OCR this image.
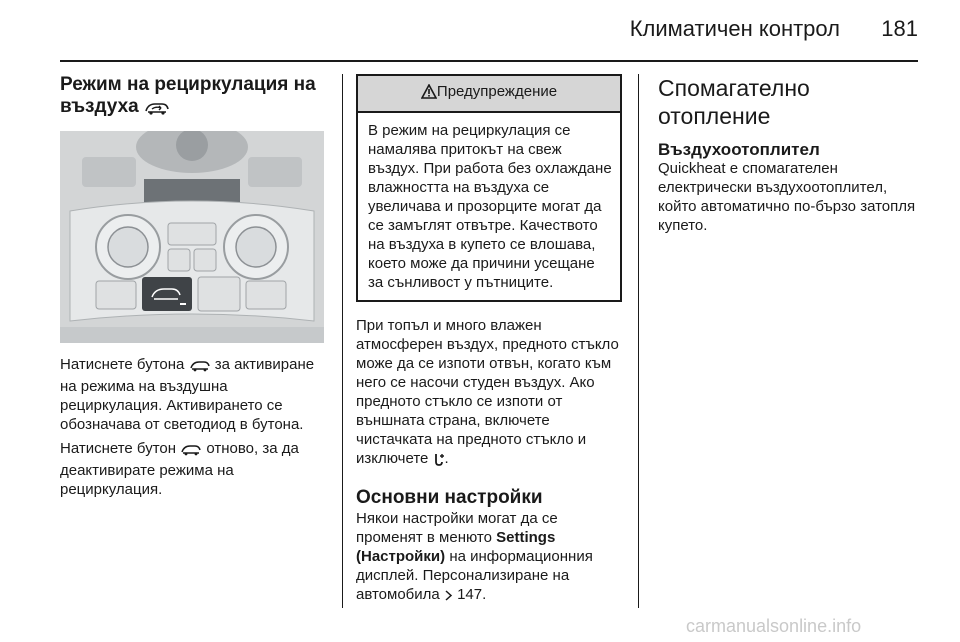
Климатичен контрол	181
Режим на рециркулация на въздуха

Натиснете бутона за активиране на режима на въздушна рециркулация. Активирането се обозначава от светодиод в бутона.

Натиснете бутон отново, за да деактивирате режима на рециркулация.

Предупреждение

В режим на рециркулация се намалява притокът на свеж въздух. При работа без охлаждане влажността на въздуха се увеличава и прозорците могат да се замъглят отвътре. Качеството на въздуха в купето се влошава, което може да причини усещане за сънливост у пътниците.

При топъл и много влажен атмосферен въздух, предното стъкло може да се изпоти отвън, когато към него се насочи студен въздух. Ако предното стъкло се изпоти от външната страна, включете чистачката на предното стъкло и изключете .

Основни настройки

Някои настройки могат да се променят в менюто Settings (Настройки) на информационния дисплей. Персонализиране на автомобила 147.

Спомагателно отопление
Въздухоотоплител

Quickheat е спомагателен електрически въздухоотоплител, който автоматично по-бързо затопля купето.

carmanualsonline.info
